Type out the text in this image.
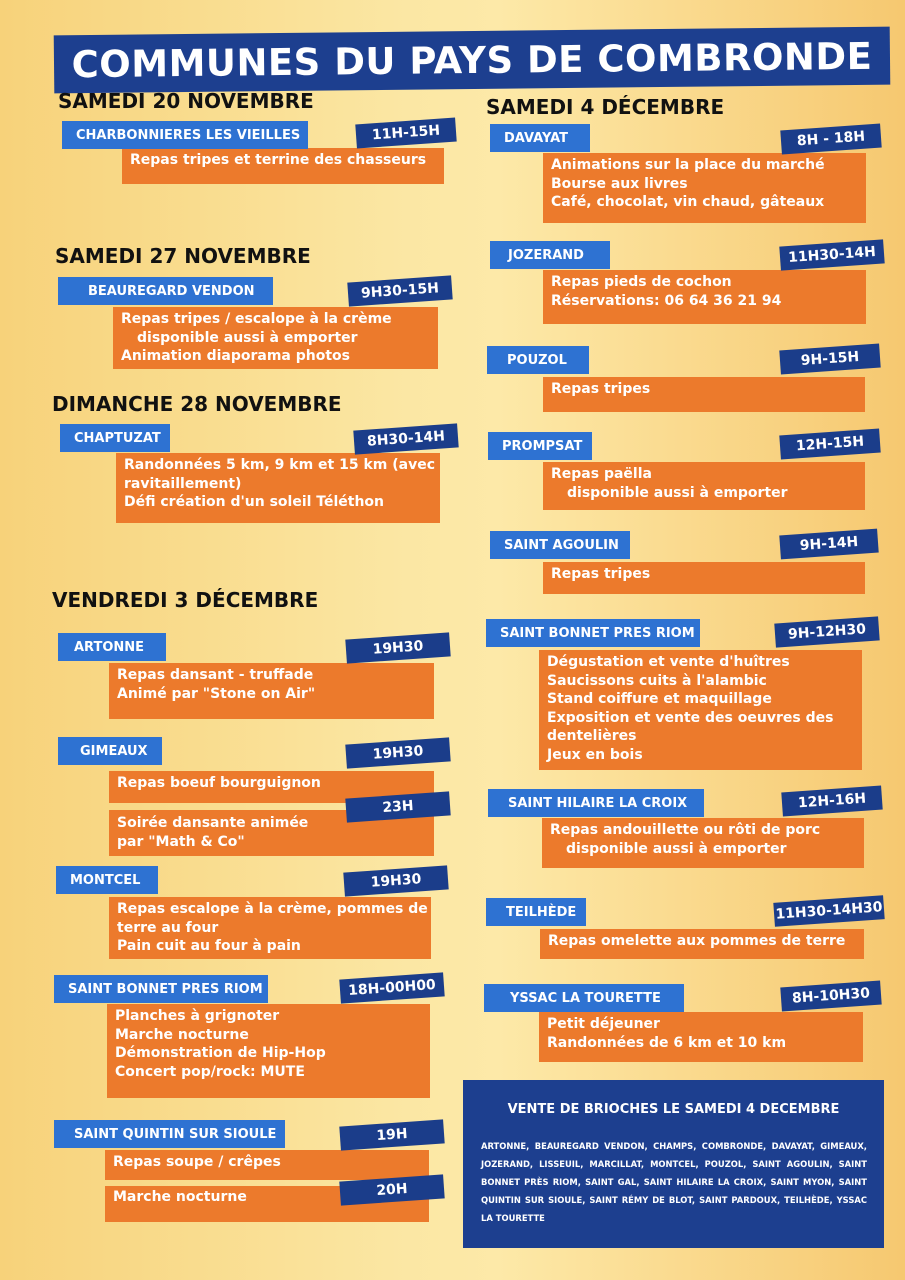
COMMUNES DU PAYS DE COMBRONDE
SAMEDI 20 NOVEMBRE
SAMEDI 27 NOVEMBRE
DIMANCHE 28 NOVEMBRE
VENDREDI 3 DÉCEMBRE
SAMEDI 4 DÉCEMBRE
Repas tripes et terrine des chasseurs
CHARBONNIERES LES VIEILLES	11H-15H
Repas tripes / escalope à la crème
disponible aussi à emporter
Animation diaporama photos
BEAUREGARD VENDON	9H30-15H
Randonnées 5 km, 9 km et 15 km (avec
ravitaillement)
Défi création d'un soleil Téléthon
CHAPTUZAT	8H30-14H
Repas dansant - truffade
Animé par "Stone on Air"
ARTONNE	19H30
Repas boeuf bourguignon
Soirée dansante animée
par "Math & Co"
GIMEAUX	19H30
23H
Repas escalope à la crème, pommes de
terre au four
Pain cuit au four à pain
MONTCEL	19H30
Planches à grignoter
Marche nocturne
Démonstration de Hip-Hop
Concert pop/rock: MUTE
SAINT BONNET PRES RIOM	18H-00H00
Repas soupe / crêpes
Marche nocturne
SAINT QUINTIN SUR SIOULE	19H
20H
Animations sur la place du marché
Bourse aux livres
Café, chocolat, vin chaud, gâteaux
DAVAYAT	8H - 18H
Repas pieds de cochon
Réservations: 06 64 36 21 94
JOZERAND	11H30-14H
Repas tripes
POUZOL	9H-15H
Repas paëlla
disponible aussi à emporter
PROMPSAT	12H-15H
Repas tripes
SAINT AGOULIN	9H-14H
Dégustation et vente d'huîtres
Saucissons cuits à l'alambic
Stand coiffure et maquillage
Exposition et vente des oeuvres des
dentelières
Jeux en bois
SAINT BONNET PRES RIOM	9H-12H30
Repas andouillette ou rôti de porc
disponible aussi à emporter
SAINT HILAIRE LA CROIX	12H-16H
Repas omelette aux pommes de terre
TEILHÈDE	11H30-14H30
Petit déjeuner
Randonnées de 6 km et 10 km
YSSAC LA TOURETTE	8H-10H30
VENTE DE BRIOCHES LE SAMEDI 4 DECEMBRE
ARTONNE, BEAUREGARD VENDON, CHAMPS, COMBRONDE, DAVAYAT, GIMEAUX, JOZERAND, LISSEUIL, MARCILLAT, MONTCEL, POUZOL, SAINT AGOULIN, SAINT BONNET PRÈS RIOM, SAINT GAL, SAINT HILAIRE LA CROIX, SAINT MYON, SAINT QUINTIN SUR SIOULE, SAINT RÉMY DE BLOT, SAINT PARDOUX, TEILHÈDE, YSSAC LA TOURETTE
